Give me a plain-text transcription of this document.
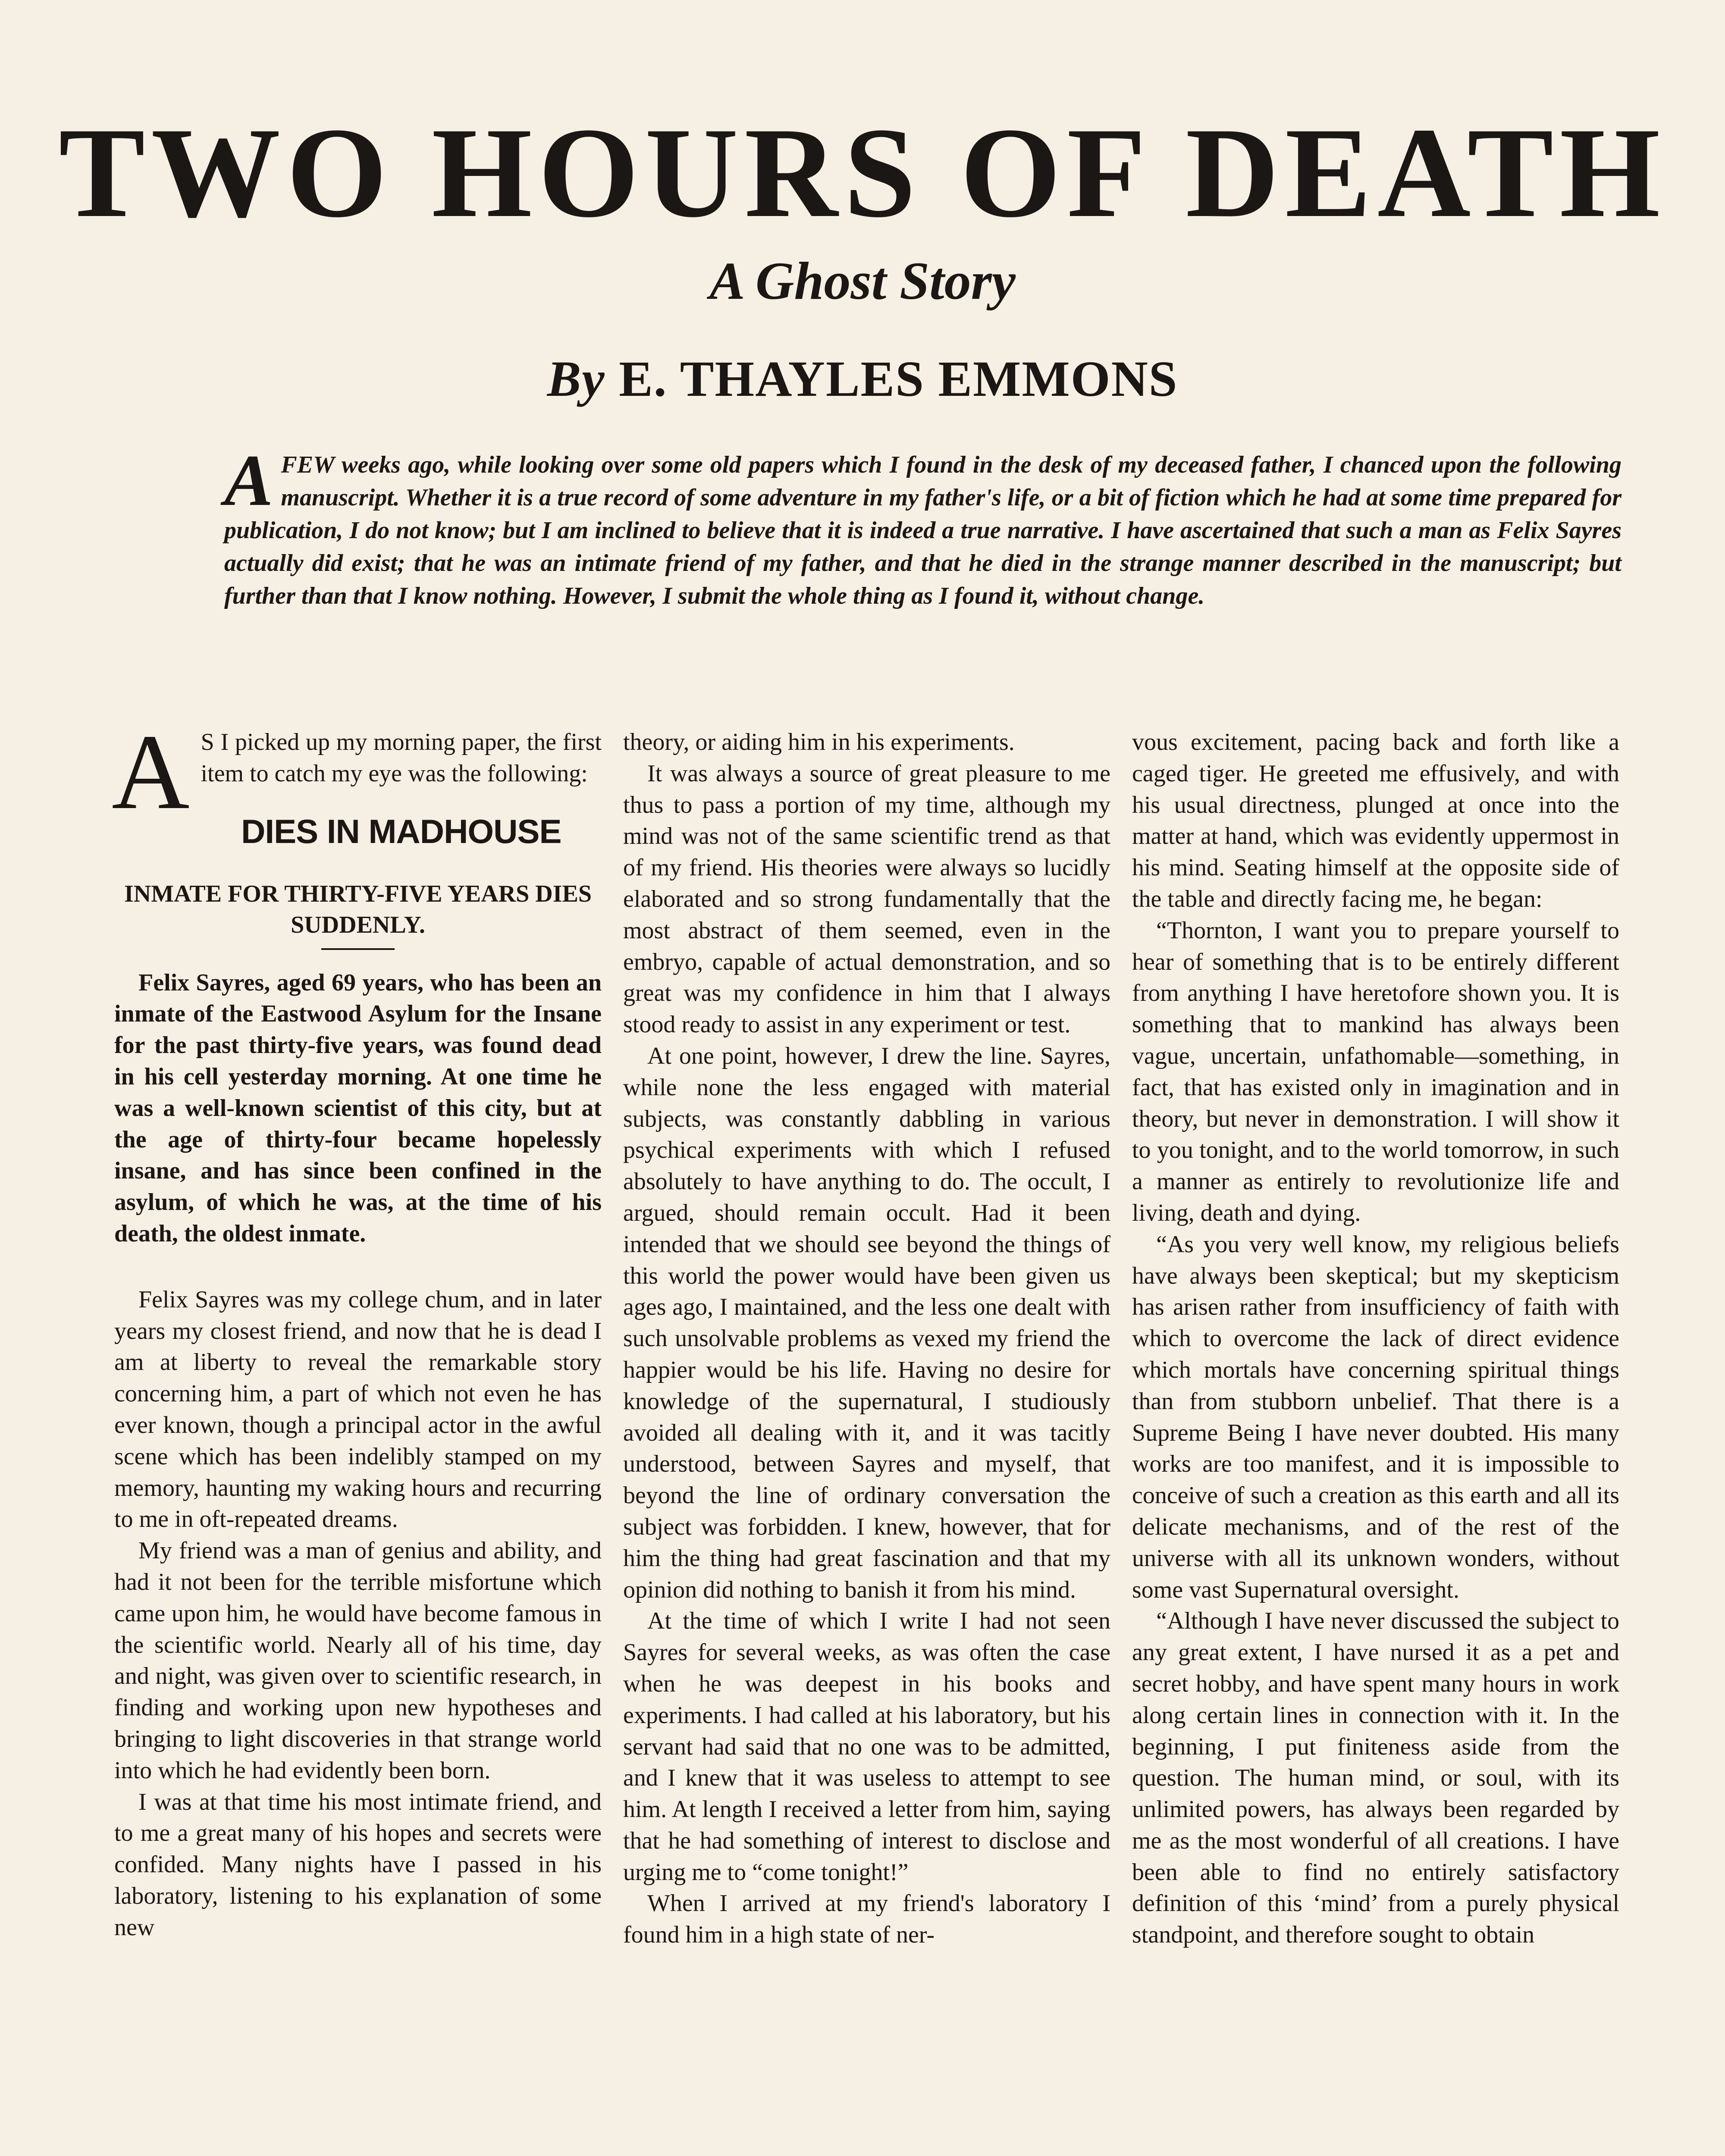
TWO HOURS OF DEATH
A Ghost Story
By E. THAYLES EMMONS
AFEW weeks ago, while looking over some old papers which I found in the desk of my deceased father, I chanced upon the following manuscript. Whether it is a true record of some adventure in my father's life, or a bit of fiction which he had at some time prepared for publication, I do not know; but I am inclined to believe that it is indeed a true narrative. I have ascertained that such a man as Felix Sayres actually did exist; that he was an intimate friend of my father, and that he died in the strange manner described in the manuscript; but further than that I know nothing. However, I submit the whole thing as I found it, without change.

A S I picked up my morning paper, the first item to catch my eye was the following:

DIES IN MADHOUSE
INMATE FOR THIRTY-FIVE YEARS DIES SUDDENLY.

Felix Sayres, aged 69 years, who has been an inmate of the Eastwood Asylum for the Insane for the past thirty-five years, was found dead in his cell yesterday morning. At one time he was a well-known scientist of this city, but at the age of thirty-four became hopelessly insane, and has since been confined in the asylum, of which he was, at the time of his death, the oldest inmate.

Felix Sayres was my college chum, and in later years my closest friend, and now that he is dead I am at liberty to reveal the remarkable story concerning him, a part of which not even he has ever known, though a principal actor in the awful scene which has been indelibly stamped on my memory, haunting my waking hours and recurring to me in oft-repeated dreams.

My friend was a man of genius and ability, and had it not been for the terrible misfortune which came upon him, he would have become famous in the scientific world. Nearly all of his time, day and night, was given over to scientific research, in finding and working upon new hypotheses and bringing to light discoveries in that strange world into which he had evidently been born.

I was at that time his most intimate friend, and to me a great many of his hopes and secrets were confided. Many nights have I passed in his laboratory, listening to his explanation of some new

theory, or aiding him in his experiments.

It was always a source of great pleasure to me thus to pass a portion of my time, although my mind was not of the same scientific trend as that of my friend. His theories were always so lucidly elaborated and so strong fundamentally that the most abstract of them seemed, even in the embryo, capable of actual demonstration, and so great was my confidence in him that I always stood ready to assist in any experiment or test.

At one point, however, I drew the line. Sayres, while none the less engaged with material subjects, was constantly dabbling in various psychical experiments with which I refused absolutely to have anything to do. The occult, I argued, should remain occult. Had it been intended that we should see beyond the things of this world the power would have been given us ages ago, I maintained, and the less one dealt with such unsolvable problems as vexed my friend the happier would be his life. Having no desire for knowledge of the supernatural, I studiously avoided all dealing with it, and it was tacitly understood, between Sayres and myself, that beyond the line of ordinary conversation the subject was forbidden. I knew, however, that for him the thing had great fascination and that my opinion did nothing to banish it from his mind.

At the time of which I write I had not seen Sayres for several weeks, as was often the case when he was deepest in his books and experiments. I had called at his laboratory, but his servant had said that no one was to be admitted, and I knew that it was useless to attempt to see him. At length I received a letter from him, saying that he had something of interest to disclose and urging me to “come tonight!”

When I arrived at my friend's laboratory I found him in a high state of ner-

vous excitement, pacing back and forth like a caged tiger. He greeted me effusively, and with his usual directness, plunged at once into the matter at hand, which was evidently uppermost in his mind. Seating himself at the opposite side of the table and directly facing me, he began:

“Thornton, I want you to prepare yourself to hear of something that is to be entirely different from anything I have heretofore shown you. It is something that to mankind has always been vague, uncertain, unfathomable—something, in fact, that has existed only in imagination and in theory, but never in demonstration. I will show it to you tonight, and to the world tomorrow, in such a manner as entirely to revolutionize life and living, death and dying.

“As you very well know, my religious beliefs have always been skeptical; but my skepticism has arisen rather from insufficiency of faith with which to overcome the lack of direct evidence which mortals have concerning spiritual things than from stubborn unbelief. That there is a Supreme Being I have never doubted. His many works are too manifest, and it is impossible to conceive of such a creation as this earth and all its delicate mechanisms, and of the rest of the universe with all its unknown wonders, without some vast Supernatural oversight.

“Although I have never discussed the subject to any great extent, I have nursed it as a pet and secret hobby, and have spent many hours in work along certain lines in connection with it. In the beginning, I put finiteness aside from the question. The human mind, or soul, with its unlimited powers, has always been regarded by me as the most wonderful of all creations. I have been able to find no entirely satisfactory definition of this ‘mind’ from a purely physical standpoint, and therefore sought to obtain
